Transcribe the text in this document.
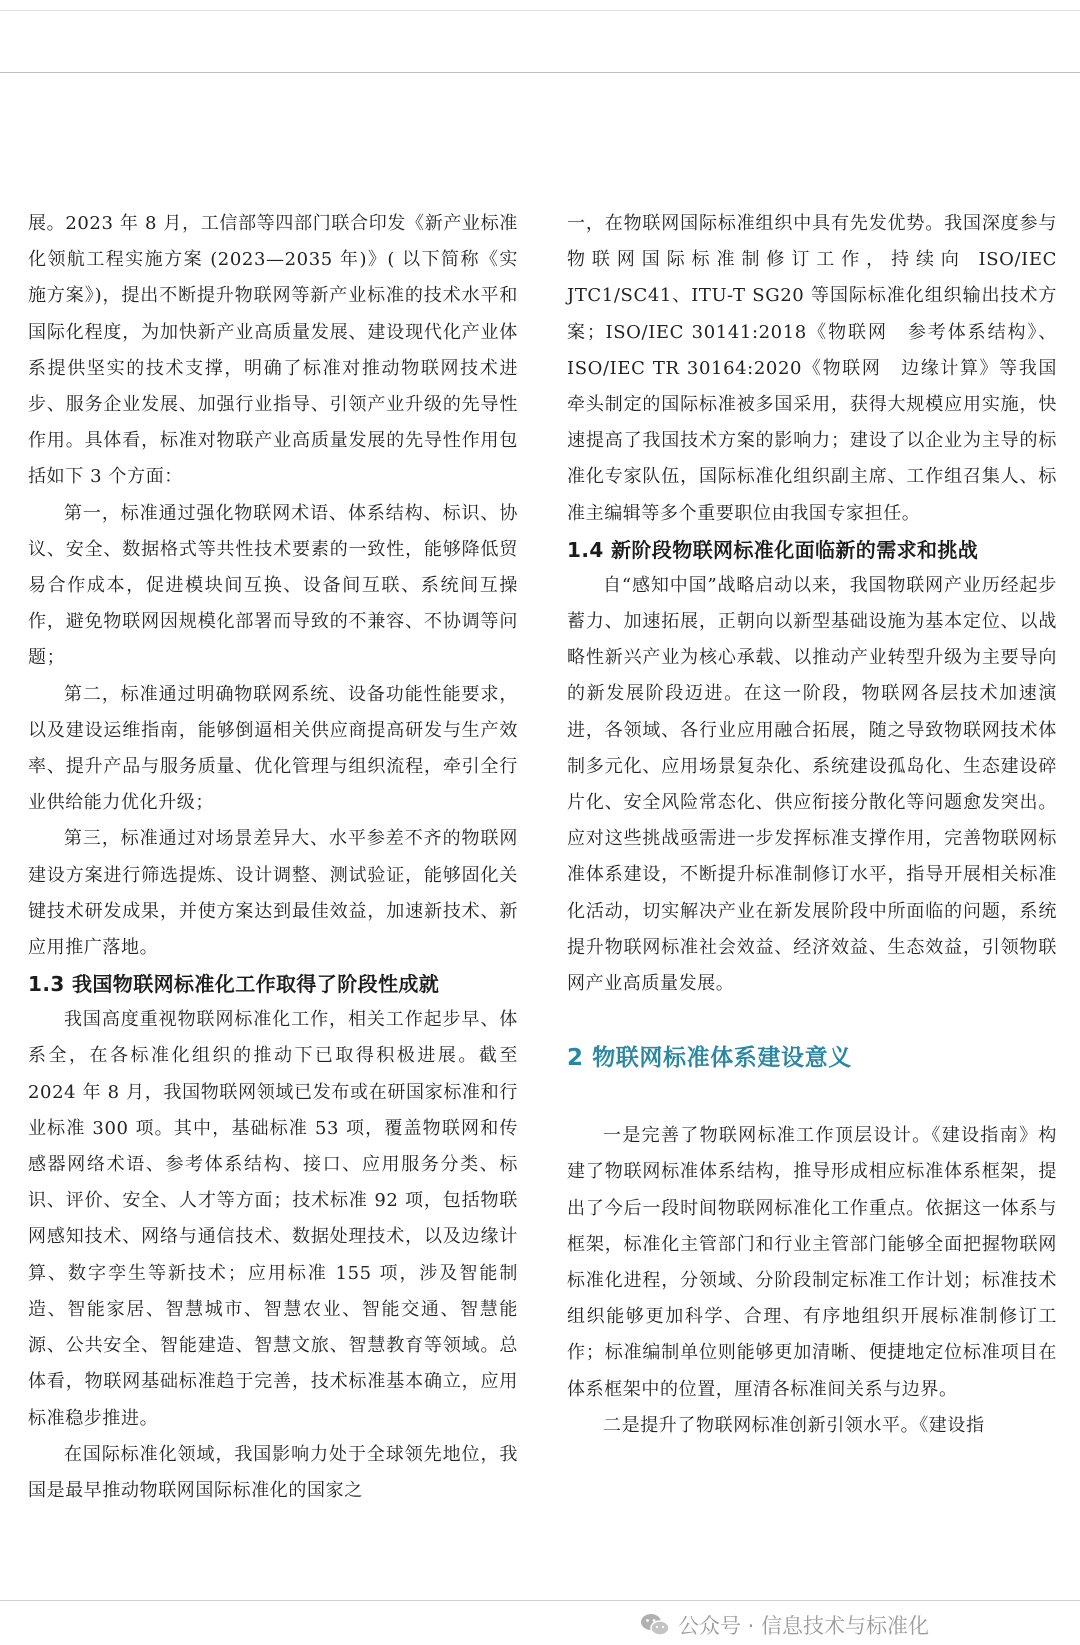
展。2023 年 8 月，工信部等四部门联合印发《新产业标准化领航工程实施方案 (2023—2035 年)》( 以下简称《实施方案》)，提出不断提升物联网等新产业标准的技术水平和国际化程度，为加快新产业高质量发展、建设现代化产业体系提供坚实的技术支撑，明确了标准对推动物联网技术进步、服务企业发展、加强行业指导、引领产业升级的先导性作用。具体看，标准对物联产业高质量发展的先导性作用包括如下 3 个方面：

第一，标准通过强化物联网术语、体系结构、标识、协议、安全、数据格式等共性技术要素的一致性，能够降低贸易合作成本，促进模块间互换、设备间互联、系统间互操作，避免物联网因规模化部署而导致的不兼容、不协调等问题；

第二，标准通过明确物联网系统、设备功能性能要求，以及建设运维指南，能够倒逼相关供应商提高研发与生产效率、提升产品与服务质量、优化管理与组织流程，牵引全行业供给能力优化升级；

第三，标准通过对场景差异大、水平参差不齐的物联网建设方案进行筛选提炼、设计调整、测试验证，能够固化关键技术研发成果，并使方案达到最佳效益，加速新技术、新应用推广落地。

1.3 我国物联网标准化工作取得了阶段性成就

我国高度重视物联网标准化工作，相关工作起步早、体系全，在各标准化组织的推动下已取得积极进展。截至 2024 年 8 月，我国物联网领域已发布或在研国家标准和行业标准 300 项。其中，基础标准 53 项，覆盖物联网和传感器网络术语、参考体系结构、接口、应用服务分类、标识、评价、安全、人才等方面；技术标准 92 项，包括物联网感知技术、网络与通信技术、数据处理技术，以及边缘计算、数字孪生等新技术；应用标准 155 项，涉及智能制造、智能家居、智慧城市、智慧农业、智能交通、智慧能源、公共安全、智能建造、智慧文旅、智慧教育等领域。总体看，物联网基础标准趋于完善，技术标准基本确立，应用标准稳步推进。

在国际标准化领域，我国影响力处于全球领先地位，我国是最早推动物联网国际标准化的国家之

一，在物联网国际标准组织中具有先发优势。我国深度参与物联网国际标准制修订工作，持续向 ISO/IEC JTC1/SC41、ITU-T SG20 等国际标准化组织输出技术方案；ISO/IEC 30141:2018《物联网　参考体系结构》、ISO/IEC TR 30164:2020《物联网　边缘计算》等我国牵头制定的国际标准被多国采用，获得大规模应用实施，快速提高了我国技术方案的影响力；建设了以企业为主导的标准化专家队伍，国际标准化组织副主席、工作组召集人、标准主编辑等多个重要职位由我国专家担任。

1.4 新阶段物联网标准化面临新的需求和挑战

自“感知中国”战略启动以来，我国物联网产业历经起步蓄力、加速拓展，正朝向以新型基础设施为基本定位、以战略性新兴产业为核心承载、以推动产业转型升级为主要导向的新发展阶段迈进。在这一阶段，物联网各层技术加速演进，各领域、各行业应用融合拓展，随之导致物联网技术体制多元化、应用场景复杂化、系统建设孤岛化、生态建设碎片化、安全风险常态化、供应衔接分散化等问题愈发突出。应对这些挑战亟需进一步发挥标准支撑作用，完善物联网标准体系建设，不断提升标准制修订水平，指导开展相关标准化活动，切实解决产业在新发展阶段中所面临的问题，系统提升物联网标准社会效益、经济效益、生态效益，引领物联网产业高质量发展。

2 物联网标准体系建设意义

一是完善了物联网标准工作顶层设计。《建设指南》构建了物联网标准体系结构，推导形成相应标准体系框架，提出了今后一段时间物联网标准化工作重点。依据这一体系与框架，标准化主管部门和行业主管部门能够全面把握物联网标准化进程，分领域、分阶段制定标准工作计划；标准技术组织能够更加科学、合理、有序地组织开展标准制修订工作；标准编制单位则能够更加清晰、便捷地定位标准项目在体系框架中的位置，厘清各标准间关系与边界。

二是提升了物联网标准创新引领水平。《建设指

公众号 · 信息技术与标准化
